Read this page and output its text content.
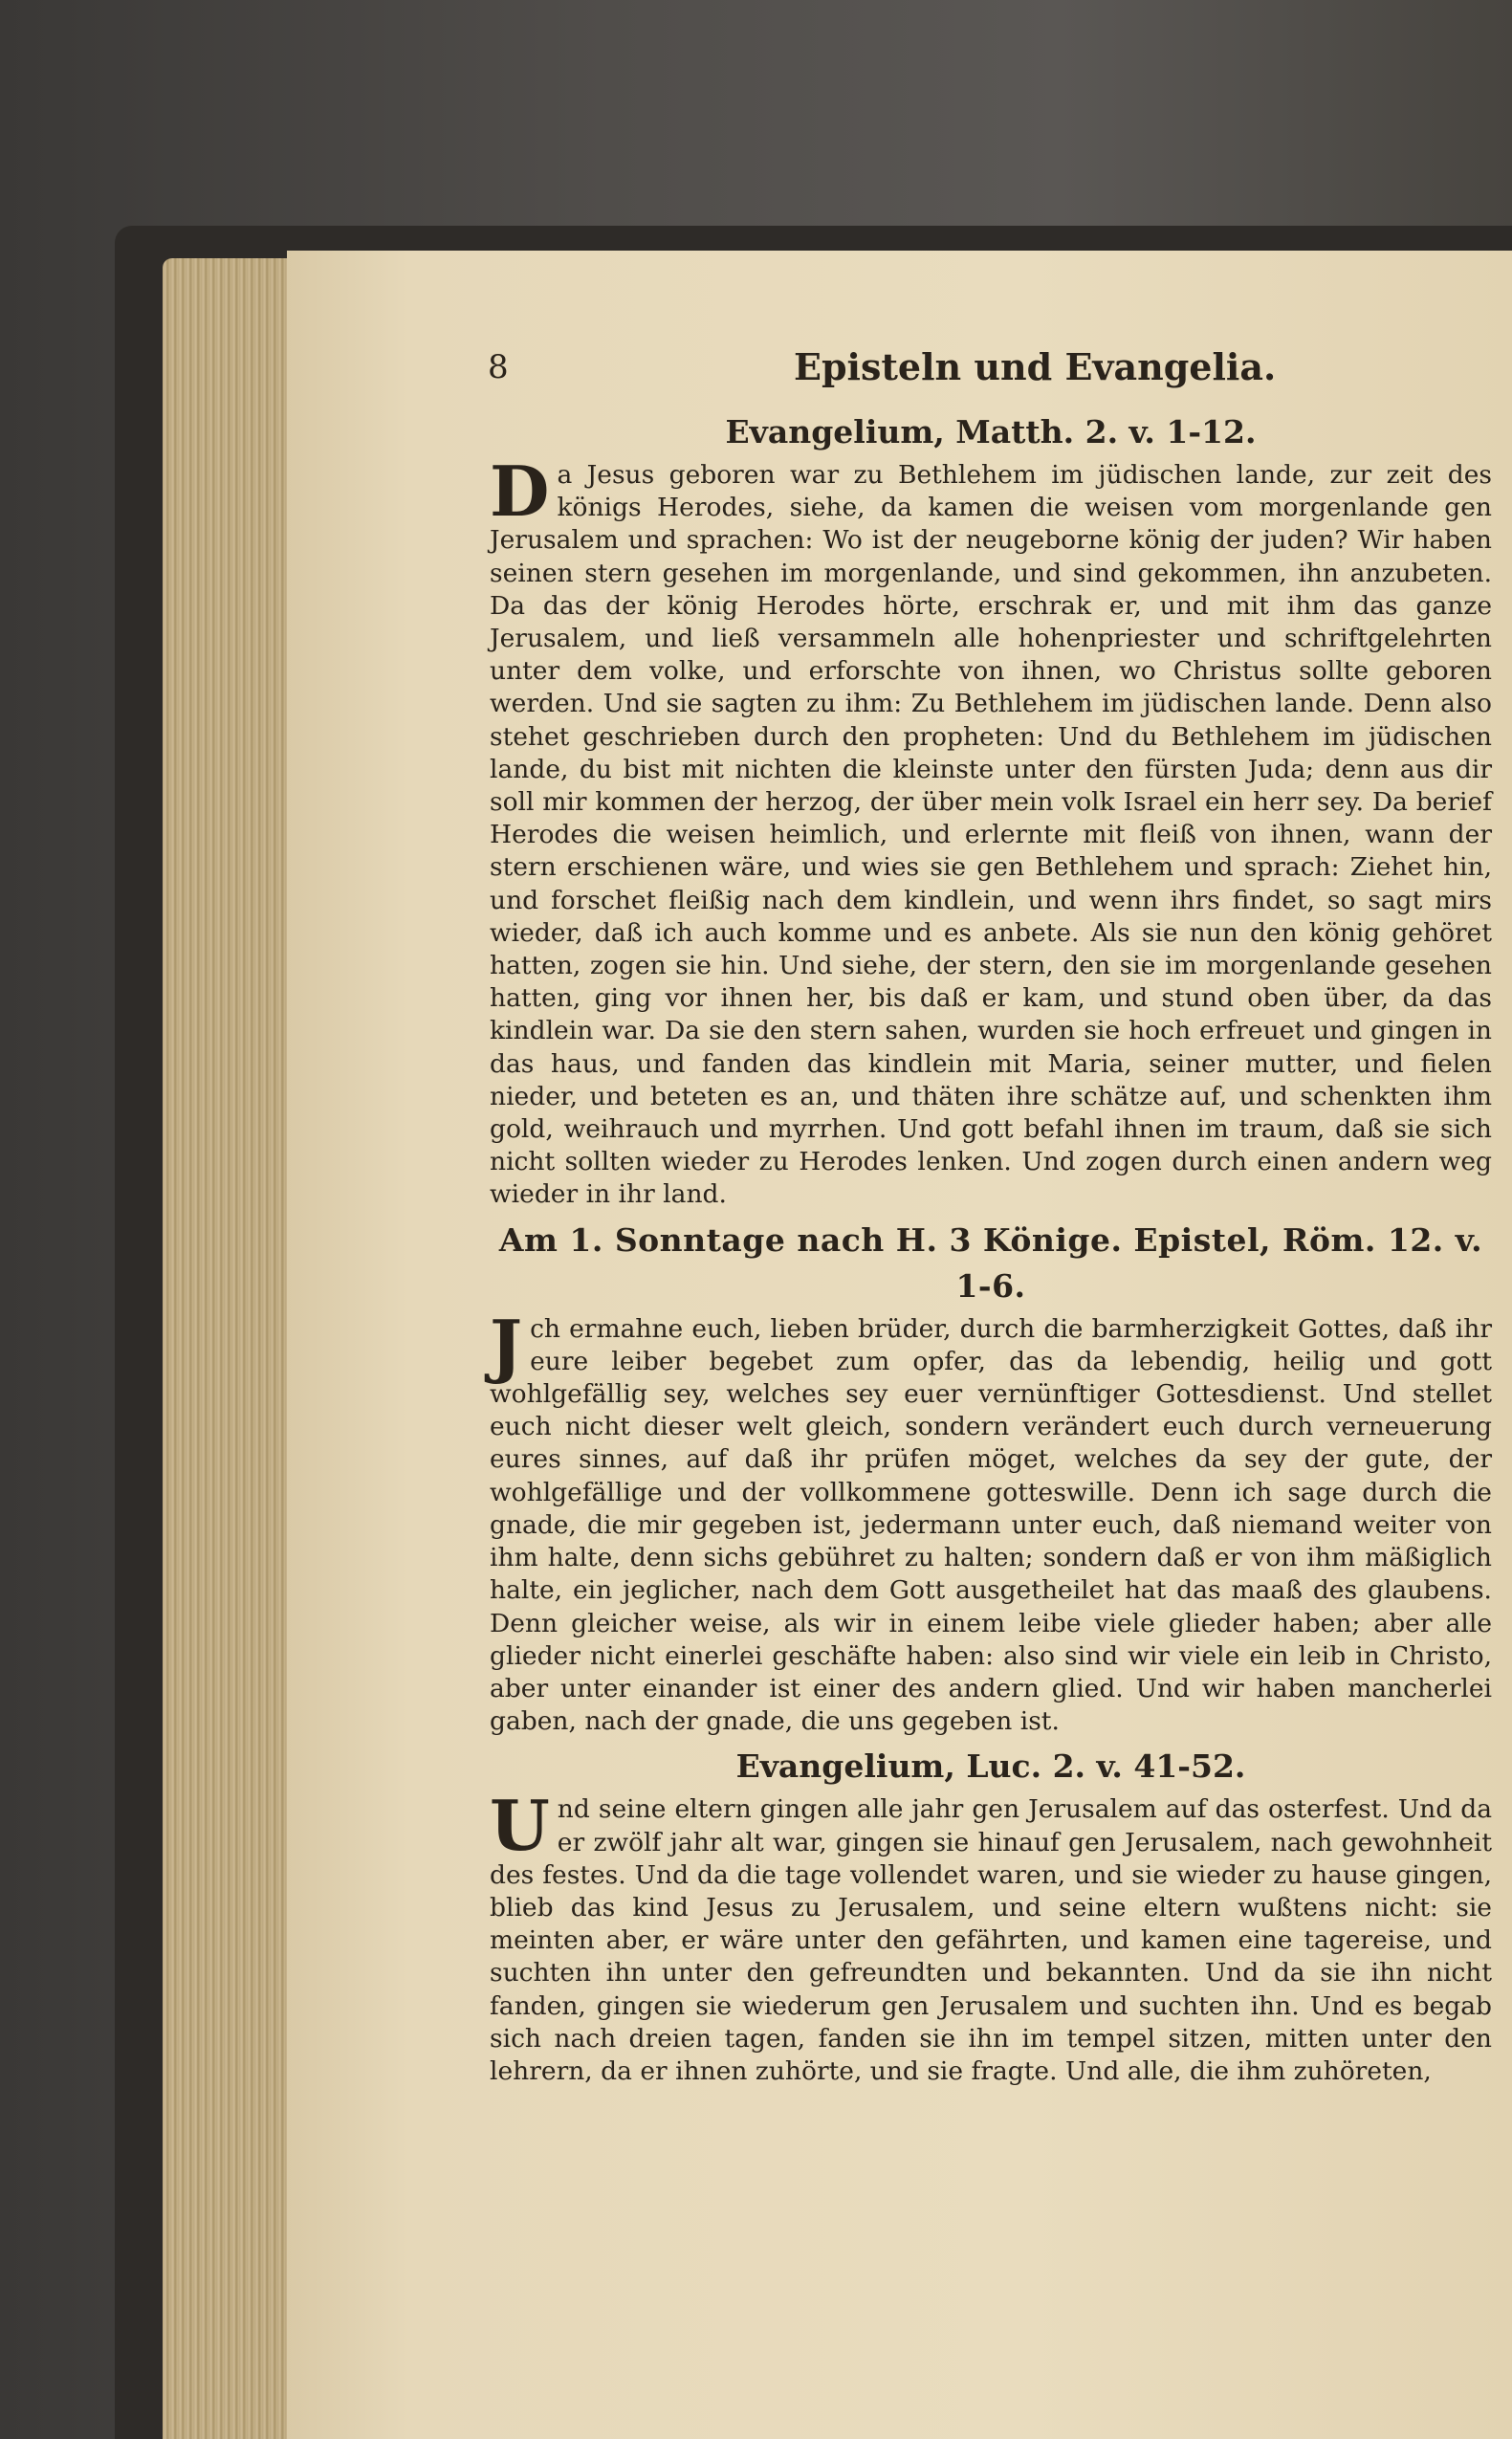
8	Episteln und Evangelia.
Evangelium, Matth. 2. v. 1-12.

Da Jesus geboren war zu Bethlehem im jüdischen lande, zur zeit des königs Herodes, siehe, da kamen die weisen vom morgenlande gen Jerusalem und sprachen: Wo ist der neugeborne könig der juden? Wir haben seinen stern gesehen im morgenlande, und sind gekommen, ihn anzubeten. Da das der könig Herodes hörte, erschrak er, und mit ihm das ganze Jerusalem, und ließ versammeln alle hohenpriester und schriftgelehrten unter dem volke, und erforschte von ihnen, wo Christus sollte geboren werden. Und sie sagten zu ihm: Zu Bethlehem im jüdischen lande. Denn also stehet geschrieben durch den propheten: Und du Bethlehem im jüdischen lande, du bist mit nichten die kleinste unter den fürsten Juda; denn aus dir soll mir kommen der herzog, der über mein volk Israel ein herr sey. Da berief Herodes die weisen heimlich, und erlernte mit fleiß von ihnen, wann der stern erschienen wäre, und wies sie gen Bethlehem und sprach: Ziehet hin, und forschet fleißig nach dem kindlein, und wenn ihrs findet, so sagt mirs wieder, daß ich auch komme und es anbete. Als sie nun den könig gehöret hatten, zogen sie hin. Und siehe, der stern, den sie im morgenlande gesehen hatten, ging vor ihnen her, bis daß er kam, und stund oben über, da das kindlein war. Da sie den stern sahen, wurden sie hoch erfreuet und gingen in das haus, und fanden das kindlein mit Maria, seiner mutter, und fielen nieder, und beteten es an, und thäten ihre schätze auf, und schenkten ihm gold, weihrauch und myrrhen. Und gott befahl ihnen im traum, daß sie sich nicht sollten wieder zu Herodes lenken. Und zogen durch einen andern weg wieder in ihr land.

Am 1. Sonntage nach H. 3 Könige. Epistel, Röm. 12. v. 1-6.

Jch ermahne euch, lieben brüder, durch die barmherzigkeit Gottes, daß ihr eure leiber begebet zum opfer, das da lebendig, heilig und gott wohlgefällig sey, welches sey euer vernünftiger Gottesdienst. Und stellet euch nicht dieser welt gleich, sondern verändert euch durch verneuerung eures sinnes, auf daß ihr prüfen möget, welches da sey der gute, der wohlgefällige und der vollkommene gotteswille. Denn ich sage durch die gnade, die mir gegeben ist, jedermann unter euch, daß niemand weiter von ihm halte, denn sichs gebühret zu halten; sondern daß er von ihm mäßiglich halte, ein jeglicher, nach dem Gott ausgetheilet hat das maaß des glaubens. Denn gleicher weise, als wir in einem leibe viele glieder haben; aber alle glieder nicht einerlei geschäfte haben: also sind wir viele ein leib in Christo, aber unter einander ist einer des andern glied. Und wir haben mancherlei gaben, nach der gnade, die uns gegeben ist.

Evangelium, Luc. 2. v. 41-52.

Und seine eltern gingen alle jahr gen Jerusalem auf das osterfest. Und da er zwölf jahr alt war, gingen sie hinauf gen Jerusalem, nach gewohnheit des festes. Und da die tage vollendet waren, und sie wieder zu hause gingen, blieb das kind Jesus zu Jerusalem, und seine eltern wußtens nicht: sie meinten aber, er wäre unter den gefährten, und kamen eine tagereise, und suchten ihn unter den gefreundten und bekannten. Und da sie ihn nicht fanden, gingen sie wiederum gen Jerusalem und suchten ihn. Und es begab sich nach dreien tagen, fanden sie ihn im tempel sitzen, mitten unter den lehrern, da er ihnen zuhörte, und sie fragte. Und alle, die ihm zuhöreten,
